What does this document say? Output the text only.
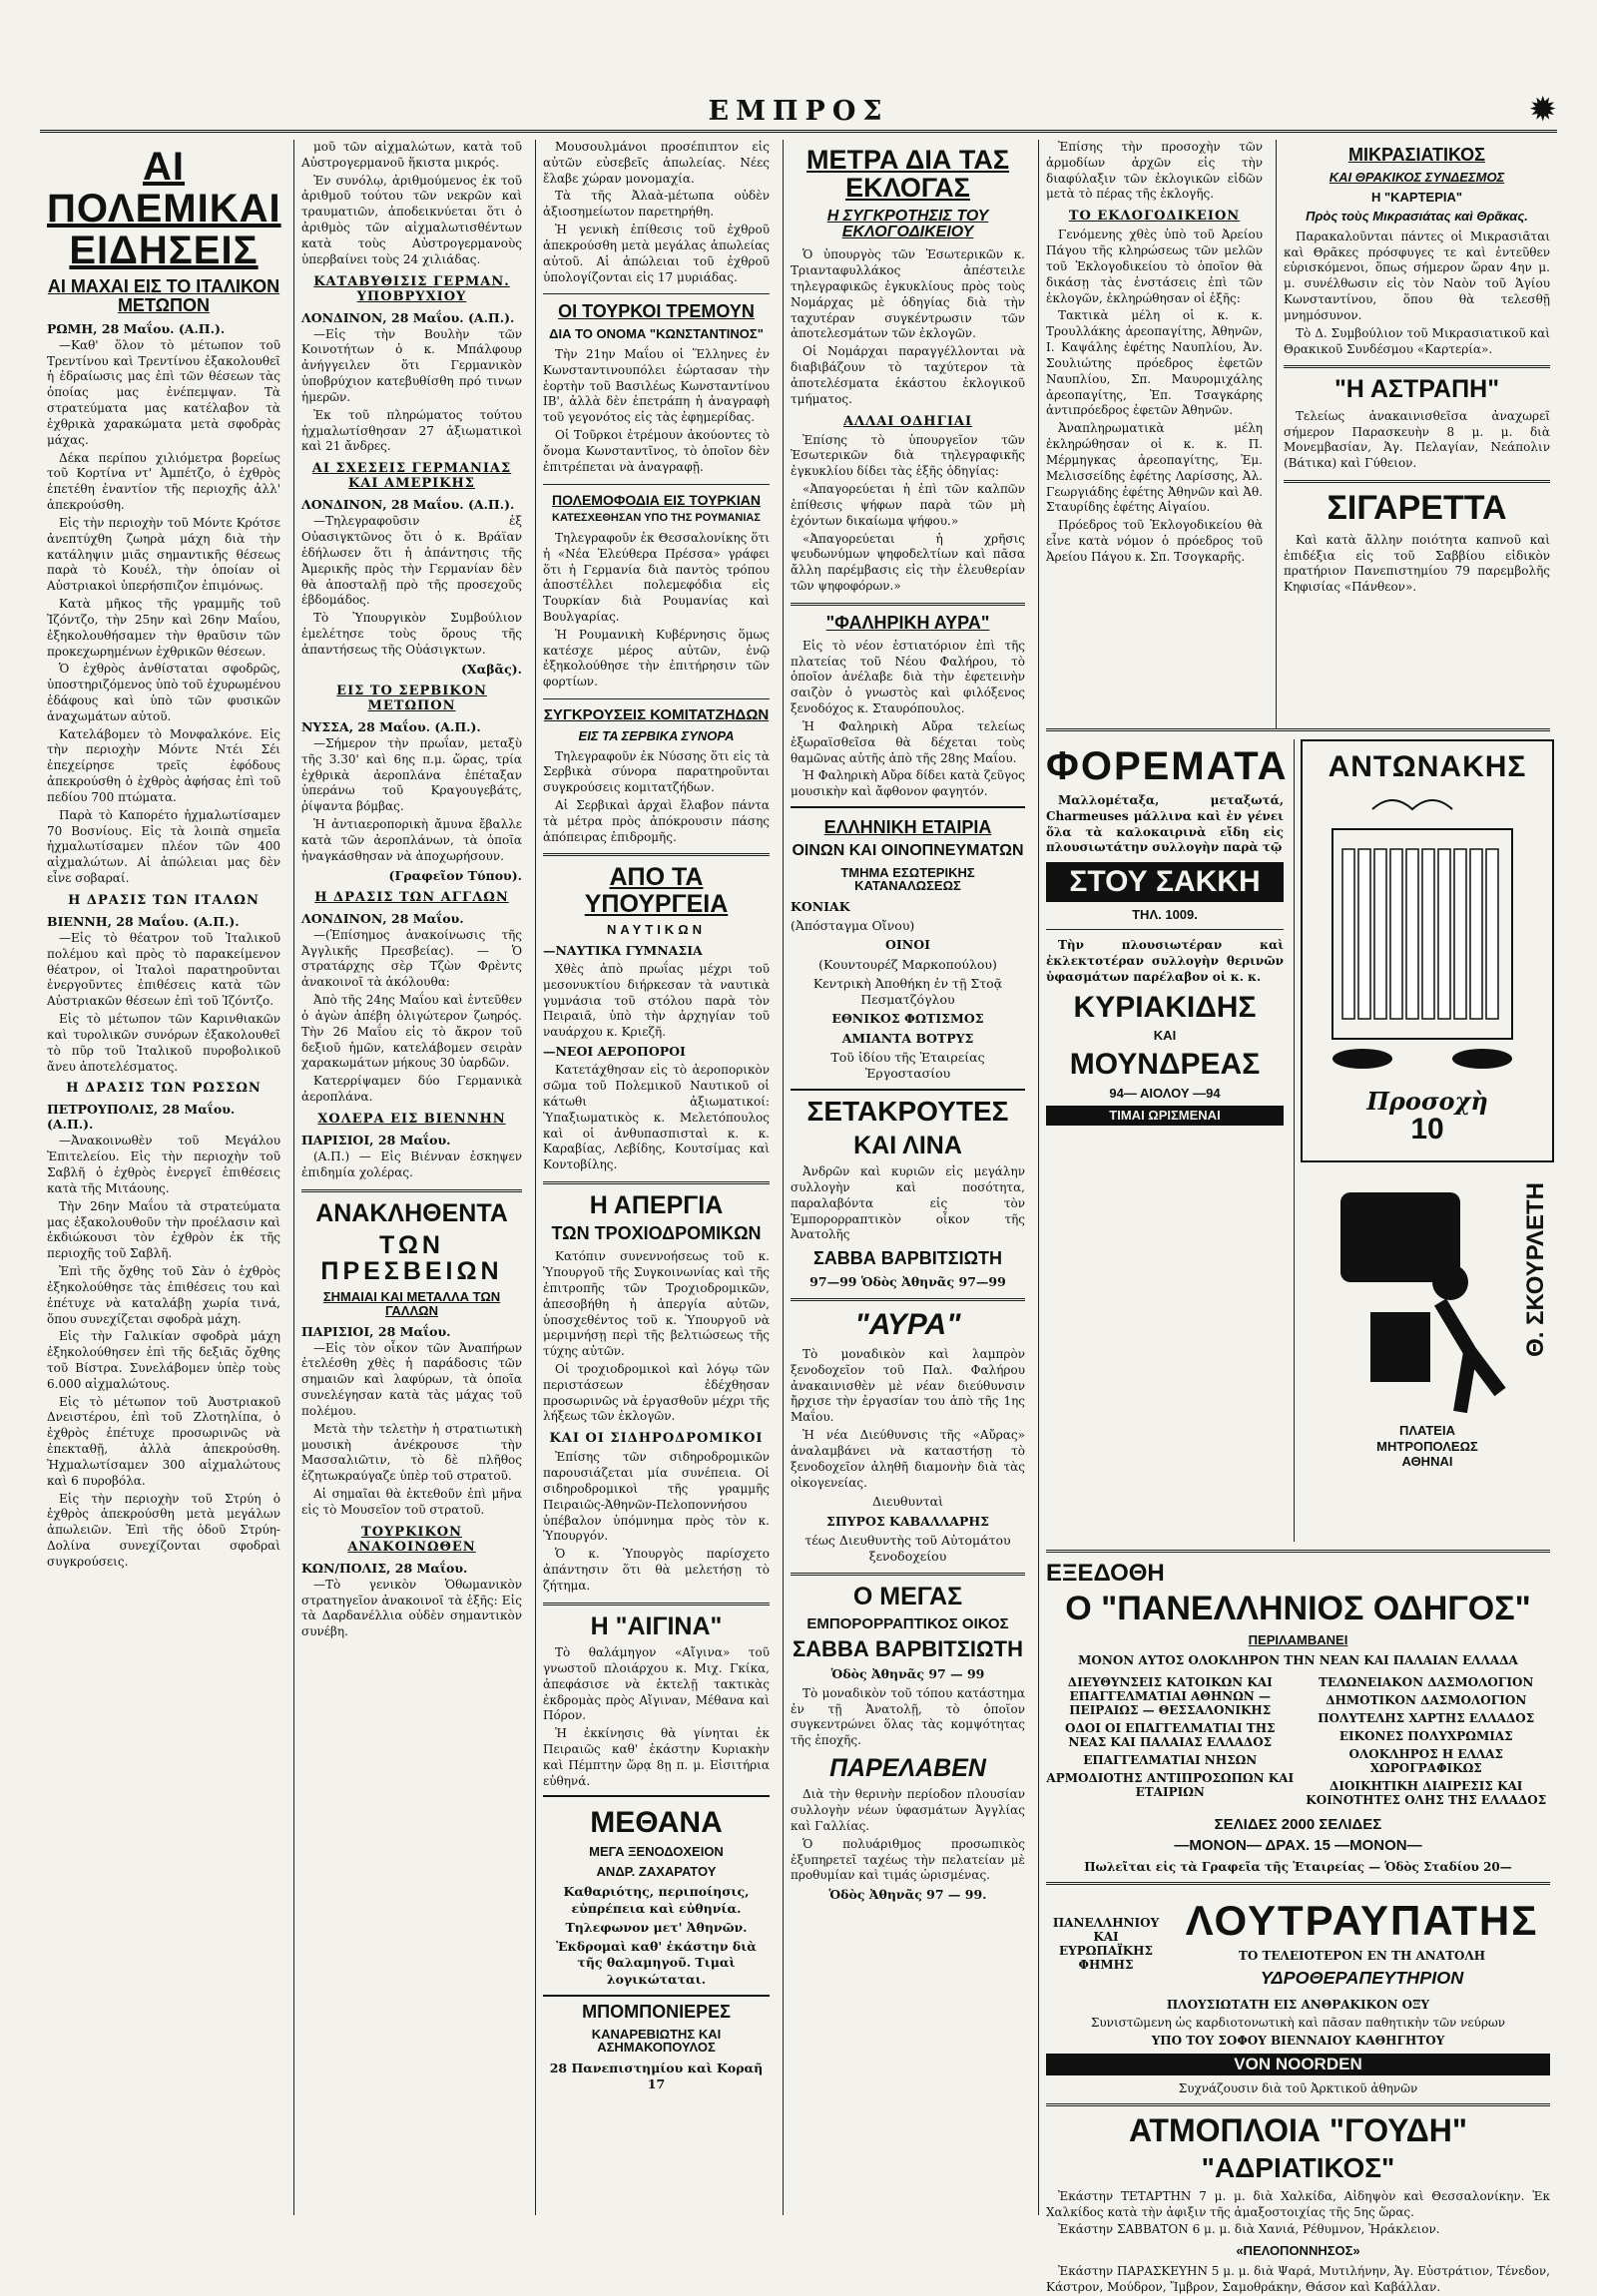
ΕΜΠΡΟΣ	✹
ΑΙ ΠΟΛΕΜΙΚΑΙ ΕΙΔΗΣΕΙΣ
ΑΙ ΜΑΧΑΙ ΕΙΣ ΤΟ ΙΤΑΛΙΚΟΝ ΜΕΤΩΠΟΝ
ΡΩΜΗ, 28 Μαΐου. (Α.Π.).

—Καθ' ὅλον τὸ μέτωπον τοῦ Τρεντίνου καὶ Τρεντίνου ἐξακολουθεῖ ἡ ἐδραίωσις μας ἐπὶ τῶν θέσεων τὰς ὁποίας μας ἐνέπεμψαν. Τὰ στρατεύματα μας κατέλαβον τὰ ἐχθρικὰ χαρακώματα μετὰ σφοδρὰς μάχας.

Δέκα περίπου χιλιόμετρα βορείως τοῦ Κορτίνα ντ' Ἀμπέτζο, ὁ ἐχθρὸς ἐπετέθη ἐναντίον τῆς περιοχῆς ἀλλ' ἀπεκρούσθη.

Εἰς τὴν περιοχὴν τοῦ Μόντε Κρότσε ἀνεπτύχθη ζωηρὰ μάχη διὰ τὴν κατάληψιν μιᾶς σημαντικῆς θέσεως παρὰ τὸ Κουέλ, τὴν ὁποίαν οἱ Αὐστριακοὶ ὑπερήσπιζον ἐπιμόνως.

Κατὰ μῆκος τῆς γραμμῆς τοῦ Ἰζόντζο, τὴν 25ην καὶ 26ην Μαΐου, ἐξηκολουθήσαμεν τὴν θραῦσιν τῶν προκεχωρημένων ἐχθρικῶν θέσεων.

Ὁ ἐχθρὸς ἀνθίσταται σφοδρῶς, ὑποστηριζόμενος ὑπὸ τοῦ ἐχυρωμένου ἐδάφους καὶ ὑπὸ τῶν φυσικῶν ἀναχωμάτων αὐτοῦ.

Κατελάβομεν τὸ Μονφαλκόνε. Εἰς τὴν περιοχὴν Μόντε Ντέι Σέι ἐπεχείρησε τρεῖς ἐφόδους ἀπεκρούσθη ὁ ἐχθρὸς ἀφήσας ἐπὶ τοῦ πεδίου 700 πτώματα.

Παρὰ τὸ Καπορέτο ἠχμαλωτίσαμεν 70 Βοσνίους. Εἰς τὰ λοιπὰ σημεῖα ἠχμαλωτίσαμεν πλέον τῶν 400 αἰχμαλώτων. Αἱ ἀπώλειαι μας δὲν εἶνε σοβαραί.

Η ΔΡΑΣΙΣ ΤΩΝ ΙΤΑΛΩΝ
ΒΙΕΝΝΗ, 28 Μαΐου. (Α.Π.).

—Εἰς τὸ θέατρον τοῦ Ἰταλικοῦ πολέμου καὶ πρὸς τὸ παρακείμενον θέατρον, οἱ Ἰταλοὶ παρατηροῦνται ἐνεργοῦντες ἐπιθέσεις κατὰ τῶν Αὐστριακῶν θέσεων ἐπὶ τοῦ Ἰζόντζο.

Εἰς τὸ μέτωπον τῶν Καρινθιακῶν καὶ τυρολικῶν συνόρων ἐξακολουθεῖ τὸ πῦρ τοῦ Ἰταλικοῦ πυροβολικοῦ ἄνευ ἀποτελέσματος.

Η ΔΡΑΣΙΣ ΤΩΝ ΡΩΣΣΩΝ
ΠΕΤΡΟΥΠΟΛΙΣ, 28 Μαΐου. (Α.Π.).

—Ἀνακοινωθὲν τοῦ Μεγάλου Ἐπιτελείου. Εἰς τὴν περιοχὴν τοῦ Σαβλῆ ὁ ἐχθρὸς ἐνεργεῖ ἐπιθέσεις κατὰ τῆς Μιτάουης.

Τὴν 26ην Μαΐου τὰ στρατεύματα μας ἐξακολουθοῦν τὴν προέλασιν καὶ ἐκδιώκουσι τὸν ἐχθρὸν ἐκ τῆς περιοχῆς τοῦ Σαβλῆ.

Ἐπὶ τῆς ὄχθης τοῦ Σὰν ὁ ἐχθρὸς ἐξηκολούθησε τὰς ἐπιθέσεις του καὶ ἐπέτυχε νὰ καταλάβῃ χωρία τινά, ὅπου συνεχίζεται σφοδρὰ μάχη.

Εἰς τὴν Γαλικίαν σφοδρὰ μάχη ἐξηκολούθησεν ἐπὶ τῆς δεξιᾶς ὄχθης τοῦ Βίστρα. Συνελάβομεν ὑπὲρ τοὺς 6.000 αἰχμαλώτους.

Εἰς τὸ μέτωπον τοῦ Ἀυστριακοῦ Δνειστέρου, ἐπὶ τοῦ Ζλοτηλίπα, ὁ ἐχθρὸς ἐπέτυχε προσωρινῶς νὰ ἐπεκταθῇ, ἀλλὰ ἀπεκρούσθη. Ἠχμαλωτίσαμεν 300 αἰχμαλώτους καὶ 6 πυροβόλα.

Εἰς τὴν περιοχὴν τοῦ Στρύη ὁ ἐχθρὸς ἀπεκρούσθη μετὰ μεγάλων ἀπωλειῶν. Ἐπὶ τῆς ὁδοῦ Στρύη-Δολίνα συνεχίζονται σφοδραὶ συγκρούσεις.

μοῦ τῶν αἰχμαλώτων, κατὰ τοῦ Αὐστρογερμανοῦ ἥκιστα μικρός.

Ἐν συνόλῳ, ἀριθμούμενος ἐκ τοῦ ἀριθμοῦ τούτου τῶν νεκρῶν καὶ τραυματιῶν, ἀποδεικνύεται ὅτι ὁ ἀριθμὸς τῶν αἰχμαλωτισθέντων κατὰ τοὺς Αὐστρογερμανοὺς ὑπερβαίνει τοὺς 24 χιλιάδας.

ΚΑΤΑΒΥΘΙΣΙΣ ΓΕΡΜΑΝ. ΥΠΟΒΡΥΧΙΟΥ
ΛΟΝΔΙΝΟΝ, 28 Μαΐου. (Α.Π.).

—Εἰς τὴν Βουλὴν τῶν Κοινοτήτων ὁ κ. Μπάλφουρ ἀνήγγειλεν ὅτι Γερμανικὸν ὑποβρύχιον κατεβυθίσθη πρό τινων ἡμερῶν.

Ἐκ τοῦ πληρώματος τούτου ἠχμαλωτίσθησαν 27 ἀξιωματικοὶ καὶ 21 ἄνδρες.

ΑΙ ΣΧΕΣΕΙΣ ΓΕΡΜΑΝΙΑΣ ΚΑΙ ΑΜΕΡΙΚΗΣ
ΛΟΝΔΙΝΟΝ, 28 Μαΐου. (Α.Π.).

—Τηλεγραφοῦσιν ἐξ Οὐασιγκτῶνος ὅτι ὁ κ. Βράϊαν ἐδήλωσεν ὅτι ἡ ἀπάντησις τῆς Ἀμερικῆς πρὸς τὴν Γερμανίαν δὲν θὰ ἀποσταλῇ πρὸ τῆς προσεχοῦς ἑβδομάδος.

Τὸ Ὑπουργικὸν Συμβούλιον ἐμελέτησε τοὺς ὅρους τῆς ἀπαντήσεως τῆς Οὐάσιγκτων.

(Χαβᾶς).
ΕΙΣ ΤΟ ΣΕΡΒΙΚΟΝ ΜΕΤΩΠΟΝ
ΝΥΣΣΑ, 28 Μαΐου. (Α.Π.).

—Σήμερον τὴν πρωΐαν, μεταξὺ τῆς 3.30' καὶ 6ης π.μ. ὥρας, τρία ἐχθρικὰ ἀεροπλάνα ἐπέταξαν ὑπεράνω τοῦ Κραγουγεβάτς, ῥίψαντα βόμβας.

Ἡ ἀντιαεροπορικὴ ἄμυνα ἔβαλλε κατὰ τῶν ἀεροπλάνων, τὰ ὁποῖα ἠναγκάσθησαν νὰ ἀποχωρήσουν.

(Γραφεῖον Τύπου).
Η ΔΡΑΣΙΣ ΤΩΝ ΑΓΓΛΩΝ
ΛΟΝΔΙΝΟΝ, 28 Μαΐου.

—(Ἐπίσημος ἀνακοίνωσις τῆς Ἀγγλικῆς Πρεσβείας). — Ὁ στρατάρχης σὲρ Τζὼν Φρὲντς ἀνακοινοῖ τὰ ἀκόλουθα:

Ἀπὸ τῆς 24ης Μαΐου καὶ ἐντεῦθεν ὁ ἀγὼν ἀπέβη ὀλιγώτερον ζωηρός. Τὴν 26 Μαΐου εἰς τὸ ἄκρον τοῦ δεξιοῦ ἡμῶν, κατελάβομεν σειρὰν χαρακωμάτων μήκους 30 ὑαρδῶν.

Κατερρίψαμεν δύο Γερμανικὰ ἀεροπλάνα.

ΧΟΛΕΡΑ ΕΙΣ ΒΙΕΝΝΗΝ
ΠΑΡΙΣΙΟΙ, 28 Μαΐου.

(Α.Π.) — Εἰς Βιένναν ἐσκηψεν ἐπιδημία χολέρας.

ΑΝΑΚΛΗΘΕΝΤΑ
ΤΩΝ ΠΡΕΣΒΕΙΩΝ
ΣΗΜΑΙΑΙ ΚΑΙ ΜΕΤΑΛΛΑ ΤΩΝ ΓΑΛΛΩΝ
ΠΑΡΙΣΙΟΙ, 28 Μαΐου.

—Εἰς τὸν οἶκον τῶν Ἀναπήρων ἐτελέσθη χθὲς ἡ παράδοσις τῶν σημαιῶν καὶ λαφύρων, τὰ ὁποῖα συνελέγησαν κατὰ τὰς μάχας τοῦ πολέμου.

Μετὰ τὴν τελετὴν ἡ στρατιωτικὴ μουσικὴ ἀνέκρουσε τὴν Μασσαλιῶτιν, τὸ δὲ πλῆθος ἐζητωκραύγαζε ὑπὲρ τοῦ στρατοῦ.

Αἱ σημαῖαι θὰ ἐκτεθοῦν ἐπὶ μῆνα εἰς τὸ Μουσεῖον τοῦ στρατοῦ.

ΤΟΥΡΚΙΚΟΝ ΑΝΑΚΟΙΝΩΘΕΝ
ΚΩΝ/ΠΟΛΙΣ, 28 Μαΐου.

—Τὸ γενικὸν Ὁθωμανικὸν στρατηγεῖον ἀνακοινοῖ τὰ ἑξῆς: Εἰς τὰ Δαρδανέλλια οὐδὲν σημαντικὸν συνέβη.

Μουσουλμάνοι προσέπιπτον εἰς αὐτῶν εὐσεβεῖς ἀπωλείας. Νέες ἔλαβε χώραν μονομαχία.

Τὰ τῆς Ἀλαὰ-μέτωπα οὐδὲν ἀξιοσημείωτον παρετηρήθη.

Ἡ γενικὴ ἐπίθεσις τοῦ ἐχθροῦ ἀπεκρούσθη μετὰ μεγάλας ἀπωλείας αὐτοῦ. Αἱ ἀπώλειαι τοῦ ἐχθροῦ ὑπολογίζονται εἰς 17 μυριάδας.

ΟΙ ΤΟΥΡΚΟΙ ΤΡΕΜΟΥΝ
ΔΙΑ ΤΟ ΟΝΟΜΑ "ΚΩΝΣΤΑΝΤΙΝΟΣ"

Τὴν 21ην Μαΐου οἱ Ἕλληνες ἐν Κωνσταντινουπόλει ἐώρτασαν τὴν ἑορτὴν τοῦ Βασιλέως Κωνσταντίνου ΙΒ', ἀλλὰ δὲν ἐπετράπη ἡ ἀναγραφὴ τοῦ γεγονότος εἰς τὰς ἐφημερίδας.

Οἱ Τοῦρκοι ἐτρέμουν ἀκούοντες τὸ ὄνομα Κωνσταντῖνος, τὸ ὁποῖον δὲν ἐπιτρέπεται νὰ ἀναγραφῇ.

ΠΟΛΕΜΟΦΟΔΙΑ ΕΙΣ ΤΟΥΡΚΙΑΝ
ΚΑΤΕΣΧΕΘΗΣΑΝ ΥΠΟ ΤΗΣ ΡΟΥΜΑΝΙΑΣ

Τηλεγραφοῦν ἐκ Θεσσαλονίκης ὅτι ἡ «Νέα Ἐλεύθερα Πρέσσα» γράφει ὅτι ἡ Γερμανία διὰ παντὸς τρόπου ἀποστέλλει πολεμεφόδια εἰς Τουρκίαν διὰ Ρουμανίας καὶ Βουλγαρίας.

Ἡ Ρουμανικὴ Κυβέρνησις ὅμως κατέσχε μέρος αὐτῶν, ἐνῷ ἐξηκολούθησε τὴν ἐπιτήρησιν τῶν φορτίων.

ΣΥΓΚΡΟΥΣΕΙΣ ΚΟΜΙΤΑΤΖΗΔΩΝ
ΕΙΣ ΤΑ ΣΕΡΒΙΚΑ ΣΥΝΟΡΑ

Τηλεγραφοῦν ἐκ Νύσσης ὅτι εἰς τὰ Σερβικὰ σύνορα παρατηροῦνται συγκρούσεις κομιτατζήδων.

Αἱ Σερβικαὶ ἀρχαὶ ἔλαβον πάντα τὰ μέτρα πρὸς ἀπόκρουσιν πάσης ἀπόπειρας ἐπιδρομῆς.

ΑΠΟ ΤΑ ΥΠΟΥΡΓΕΙΑ
ΝΑΥΤΙΚΩΝ
—ΝΑΥΤΙΚΑ ΓΥΜΝΑΣΙΑ

Χθὲς ἀπὸ πρωΐας μέχρι τοῦ μεσονυκτίου διήρκεσαν τὰ ναυτικὰ γυμνάσια τοῦ στόλου παρὰ τὸν Πειραιᾶ, ὑπὸ τὴν ἀρχηγίαν τοῦ ναυάρχου κ. Κριεζῆ.

—ΝΕΟΙ ΑΕΡΟΠΟΡΟΙ

Κατετάχθησαν εἰς τὸ ἀεροπορικὸν σῶμα τοῦ Πολεμικοῦ Ναυτικοῦ οἱ κάτωθι ἀξιωματικοί: Ὑπαξιωματικὸς κ. Μελετόπουλος καὶ οἱ ἀνθυπασπισταὶ κ. κ. Καραβίας, Λεβίδης, Κουτσίμας καὶ Κοντοβίλης.

Η ΑΠΕΡΓΙΑ
ΤΩΝ ΤΡΟΧΙΟΔΡΟΜΙΚΩΝ

Κατόπιν συνεννοήσεως τοῦ κ. Ὑπουργοῦ τῆς Συγκοινωνίας καὶ τῆς ἐπιτροπῆς τῶν Τροχιοδρομικῶν, ἀπεσοβήθη ἡ ἀπεργία αὐτῶν, ὑποσχεθέντος τοῦ κ. Ὑπουργοῦ νὰ μεριμνήσῃ περὶ τῆς βελτιώσεως τῆς τύχης αὐτῶν.

Οἱ τροχιοδρομικοὶ καὶ λόγῳ τῶν περιστάσεων ἐδέχθησαν προσωρινῶς νὰ ἐργασθοῦν μέχρι τῆς λήξεως τῶν ἐκλογῶν.

ΚΑΙ ΟΙ ΣΙΔΗΡΟΔΡΟΜΙΚΟΙ

Ἐπίσης τῶν σιδηροδρομικῶν παρουσιάζεται μία συνέπεια. Οἱ σιδηροδρομικοὶ τῆς γραμμῆς Πειραιῶς-Ἀθηνῶν-Πελοποννήσου ὑπέβαλον ὑπόμνημα πρὸς τὸν κ. Ὑπουργόν.

Ὁ κ. Ὑπουργὸς παρίσχετο ἀπάντησιν ὅτι θὰ μελετήσῃ τὸ ζήτημα.

Η "ΑΙΓΙΝΑ"

Τὸ θαλάμηγον «Αἴγινα» τοῦ γνωστοῦ πλοιάρχου κ. Μιχ. Γκίκα, ἀπεφάσισε νὰ ἐκτελῇ τακτικὰς ἐκδρομὰς πρὸς Αἴγιναν, Μέθανα καὶ Πόρον.

Ἡ ἐκκίνησις θὰ γίνηται ἐκ Πειραιῶς καθ' ἑκάστην Κυριακὴν καὶ Πέμπτην ὥρᾳ 8ῃ π. μ. Εἰσιτήρια εὐθηνά.

ΜΕΘΑΝΑ
ΜΕΓΑ ΞΕΝΟΔΟΧΕΙΟΝ
ΑΝΔΡ. ΖΑΧΑΡΑΤΟΥ
Καθαριότης, περιποίησις, εὐπρέπεια καὶ εὐθηνία.
Τηλεφωνον μετ' Ἀθηνῶν.
Ἐκδρομαὶ καθ' ἑκάστην διὰ τῆς θαλαμηγοῦ. Τιμαὶ λογικώταται.
ΜΠΟΜΠΟΝΙΕΡΕΣ
ΚΑΝΑΡΕΒΙΩΤΗΣ ΚΑΙ ΑΣΗΜΑΚΟΠΟΥΛΟΣ
28 Πανεπιστημίου καὶ Κοραῆ 17
ΜΕΤΡΑ ΔΙΑ ΤΑΣ ΕΚΛΟΓΑΣ
Η ΣΥΓΚΡΟΤΗΣΙΣ ΤΟΥ ΕΚΛΟΓΟΔΙΚΕΙΟΥ

Ὁ ὑπουργὸς τῶν Ἐσωτερικῶν κ. Τριανταφυλλάκος ἀπέστειλε τηλεγραφικῶς ἐγκυκλίους πρὸς τοὺς Νομάρχας μὲ ὁδηγίας διὰ τὴν ταχυτέραν συγκέντρωσιν τῶν ἀποτελεσμάτων τῶν ἐκλογῶν.

Οἱ Νομάρχαι παραγγέλλονται νὰ διαβιβάζουν τὸ ταχύτερον τὰ ἀποτελέσματα ἑκάστου ἐκλογικοῦ τμήματος.

ΑΛΛΑΙ ΟΔΗΓΙΑΙ

Ἐπίσης τὸ ὑπουργεῖον τῶν Ἐσωτερικῶν διὰ τηλεγραφικῆς ἐγκυκλίου δίδει τὰς ἑξῆς ὁδηγίας:

«Ἀπαγορεύεται ἡ ἐπὶ τῶν καλπῶν ἐπίθεσις ψήφων παρὰ τῶν μὴ ἐχόντων δικαίωμα ψήφου.»

«Ἀπαγορεύεται ἡ χρῆσις ψευδωνύμων ψηφοδελτίων καὶ πᾶσα ἄλλη παρέμβασις εἰς τὴν ἐλευθερίαν τῶν ψηφοφόρων.»

"ΦΑΛΗΡΙΚΗ ΑΥΡΑ"

Εἰς τὸ νέον ἑστιατόριον ἐπὶ τῆς πλατείας τοῦ Νέου Φαλήρου, τὸ ὁποῖον ἀνέλαβε διὰ τὴν ἐφετεινὴν σαιζὸν ὁ γνωστὸς καὶ φιλόξενος ξενοδόχος κ. Σταυρόπουλος.

Ἡ Φαληρικὴ Αὔρα τελείως ἐξωραϊσθεῖσα θὰ δέχεται τοὺς θαμῶνας αὐτῆς ἀπὸ τῆς 28ης Μαΐου.

Ἡ Φαληρικὴ Αὔρα δίδει κατὰ ζεῦγος μουσικὴν καὶ ἄφθονον φαγητόν.

ΕΛΛΗΝΙΚΗ ΕΤΑΙΡΙΑ
ΟΙΝΩΝ ΚΑΙ ΟΙΝΟΠΝΕΥΜΑΤΩΝ
ΤΜΗΜΑ ΕΣΩΤΕΡΙΚΗΣ ΚΑΤΑΝΑΛΩΣΕΩΣ
ΚΟΝΙΑΚ
(Ἀπόσταγμα Οἴνου)
ΟΙΝΟΙ
(Κουντουρέζ Μαρκοπούλου)
Κεντρικὴ Ἀποθήκη ἐν τῇ Στοᾷ Πεσματζόγλου
ΕΘΝΙΚΟΣ ΦΩΤΙΣΜΟΣ
ΑΜΙΑΝΤΑ ΒΟΤΡΥΣ
Τοῦ ἰδίου τῆς Ἑταιρείας Ἐργοστασίου
ΣΕΤΑΚΡΟΥΤΕΣ
ΚΑΙ ΛΙΝΑ

Ἀνδρῶν καὶ κυριῶν εἰς μεγάλην συλλογὴν καὶ ποσότητα, παραλαβόντα εἰς τὸν Ἐμπορορραπτικὸν οἶκον τῆς Ἀνατολῆς

ΣΑΒΒΑ ΒΑΡΒΙΤΣΙΩΤΗ
97—99 Ὁδὸς Ἀθηνᾶς 97—99
"ΑΥΡΑ"

Τὸ μοναδικὸν καὶ λαμπρὸν ξενοδοχεῖον τοῦ Παλ. Φαλήρου ἀνακαινισθὲν μὲ νέαν διεύθυνσιν ἤρχισε τὴν ἐργασίαν του ἀπὸ τῆς 1ης Μαΐου.

Ἡ νέα Διεύθυνσις τῆς «Αὔρας» ἀναλαμβάνει νὰ καταστήσῃ τὸ ξενοδοχεῖον ἀληθῆ διαμονὴν διὰ τὰς οἰκογενείας.

Διευθυνταὶ
ΣΠΥΡΟΣ ΚΑΒΑΛΛΑΡΗΣ
τέως Διευθυντὴς τοῦ Αὐτομάτου ξενοδοχείου
Ο ΜΕΓΑΣ
ΕΜΠΟΡΟΡΡΑΠΤΙΚΟΣ ΟΙΚΟΣ
ΣΑΒΒΑ ΒΑΡΒΙΤΣΙΩΤΗ
Ὁδὸς Ἀθηνᾶς 97 — 99

Τὸ μοναδικὸν τοῦ τόπου κατάστημα ἐν τῇ Ἀνατολῇ, τὸ ὁποῖον συγκεντρώνει ὅλας τὰς κομψότητας τῆς ἐποχῆς.

ΠΑΡΕΛΑΒΕΝ

Διὰ τὴν θερινὴν περίοδον πλουσίαν συλλογὴν νέων ὑφασμάτων Ἀγγλίας καὶ Γαλλίας.

Ὁ πολυάριθμος προσωπικὸς ἐξυπηρετεῖ ταχέως τὴν πελατείαν μὲ προθυμίαν καὶ τιμάς ὡρισμένας.

Ὁδὸς Ἀθηνᾶς 97 — 99.

Ἐπίσης τὴν προσοχὴν τῶν ἀρμοδίων ἀρχῶν εἰς τὴν διαφύλαξιν τῶν ἐκλογικῶν εἰδῶν μετὰ τὸ πέρας τῆς ἐκλογῆς.

ΤΟ ΕΚΛΟΓΟΔΙΚΕΙΟΝ

Γενόμενης χθὲς ὑπὸ τοῦ Ἀρείου Πάγου τῆς κληρώσεως τῶν μελῶν τοῦ Ἐκλογοδικείου τὸ ὁποῖον θὰ δικάσῃ τὰς ἐνστάσεις ἐπὶ τῶν ἐκλογῶν, ἐκληρώθησαν οἱ ἑξῆς:

Τακτικὰ μέλη οἱ κ. κ. Τρουλλάκης ἀρεοπαγίτης, Ἀθηνῶν, Ι. Καψάλης ἐφέτης Ναυπλίου, Ἀν. Σουλιώτης πρόεδρος ἐφετῶν Ναυπλίου, Σπ. Μαυρομιχάλης ἀρεοπαγίτης, Ἐπ. Τσαγκάρης ἀντιπρόεδρος ἐφετῶν Ἀθηνῶν.

Ἀναπληρωματικὰ μέλη ἐκληρώθησαν οἱ κ. κ. Π. Μέρμηγκας ἀρεοπαγίτης, Ἐμ. Μελισσείδης ἐφέτης Λαρίσσης, Ἀλ. Γεωργιάδης ἐφέτης Ἀθηνῶν καὶ Ἀθ. Σταυρίδης ἐφέτης Αἰγαίου.

Πρόεδρος τοῦ Ἐκλογοδικείου θὰ εἶνε κατὰ νόμον ὁ πρόεδρος τοῦ Ἀρείου Πάγου κ. Σπ. Τσογκαρῆς.

ΦΟΡΕΜΑΤΑ

Μαλλομέταξα, μεταξωτά, Charmeuses μάλλινα καὶ ἐν γένει ὅλα τὰ καλοκαιρινὰ εἴδη εἰς πλουσιωτάτην συλλογὴν παρὰ τῷ

ΣΤΟΥ ΣΑΚΚΗ
ΤΗΛ. 1009.

Τὴν πλουσιωτέραν καὶ ἐκλεκτοτέραν συλλογὴν θερινῶν ὑφασμάτων παρέλαβον οἱ κ. κ.

ΚΥΡΙΑΚΙΔΗΣ
ΚΑΙ
ΜΟΥΝΔΡΕΑΣ
94— ΑΙΟΛΟΥ —94
ΤΙΜΑΙ ΩΡΙΣΜΕΝΑΙ
ΑΝΤΩΝΑΚΗΣ
Προσοχὴ
10
Θ. ΣΚΟΥΡΛΕΤΗ
ΠΛΑΤΕΙΑ
ΜΗΤΡΟΠΟΛΕΩΣ
ΑΘΗΝΑΙ
ΕΞΕΔΟΘΗ
Ο "ΠΑΝΕΛΛΗΝΙΟΣ ΟΔΗΓΟΣ"
ΠΕΡΙΛΑΜΒΑΝΕΙ
ΜΟΝΟΝ ΑΥΤΟΣ ΟΛΟΚΛΗΡΟΝ ΤΗΝ ΝΕΑΝ ΚΑΙ ΠΑΛΑΙΑΝ ΕΛΛΑΔΑ
ΔΙΕΥΘΥΝΣΕΙΣ ΚΑΤΟΙΚΩΝ ΚΑΙ ΕΠΑΓΓΕΛΜΑΤΙΑΙ ΑΘΗΝΩΝ — ΠΕΙΡΑΙΩΣ — ΘΕΣΣΑΛΟΝΙΚΗΣ
ΟΔΟΙ ΟΙ ΕΠΑΓΓΕΛΜΑΤΙΑΙ ΤΗΣ ΝΕΑΣ ΚΑΙ ΠΑΛΑΙΑΣ ΕΛΛΑΔΟΣ
ΕΠΑΓΓΕΛΜΑΤΙΑΙ ΝΗΣΩΝ
ΑΡΜΟΔΙΟΤΗΣ ΑΝΤΙΠΡΟΣΩΠΩΝ ΚΑΙ ΕΤΑΙΡΙΩΝ
ΤΕΛΩΝΕΙΑΚΟΝ ΔΑΣΜΟΛΟΓΙΟΝ
ΔΗΜΟΤΙΚΟΝ ΔΑΣΜΟΛΟΓΙΟΝ
ΠΟΛΥΤΕΛΗΣ ΧΑΡΤΗΣ ΕΛΛΑΔΟΣ
ΕΙΚΟΝΕΣ ΠΟΛΥΧΡΩΜΙΑΣ
ΟΛΟΚΛΗΡΟΣ Η ΕΛΛΑΣ ΧΩΡΟΓΡΑΦΙΚΩΣ
ΔΙΟΙΚΗΤΙΚΗ ΔΙΑΙΡΕΣΙΣ ΚΑΙ ΚΟΙΝΟΤΗΤΕΣ ΟΛΗΣ ΤΗΣ ΕΛΛΑΔΟΣ
ΣΕΛΙΔΕΣ 2000 ΣΕΛΙΔΕΣ
—ΜΟΝΟΝ— ΔΡΑΧ. 15 —ΜΟΝΟΝ—
Πωλεῖται εἰς τὰ Γραφεῖα τῆς Ἑταιρείας — Ὁδὸς Σταδίου 20—
ΠΑΝΕΛΛΗΝΙΟΥ ΚΑΙ ΕΥΡΩΠΑΪΚΗΣ ΦΗΜΗΣ
ΛΟΥΤΡΑΥΠΑΤΗΣ
ΤΟ ΤΕΛΕΙΟΤΕΡΟΝ ΕΝ ΤΗ ΑΝΑΤΟΛΗ
ΥΔΡΟΘΕΡΑΠΕΥΤΗΡΙΟΝ
ΠΛΟΥΣΙΩΤΑΤΗ ΕΙΣ ΑΝΘΡΑΚΙΚΟΝ ΟΞΥ
Συνιστῶμενη ὡς καρδιοτονωτικὴ καὶ πᾶσαν παθητικὴν τῶν νεύρων
ΥΠΟ ΤΟΥ ΣΟΦΟΥ ΒΙΕΝΝΑΙΟΥ ΚΑΘΗΓΗΤΟΥ
VON NOORDEN
Συχνάζουσιν διὰ τοῦ Ἀρκτικοῦ ἀθηνῶν
ΑΤΜΟΠΛΟΙΑ "ΓΟΥΔΗ"
"ΑΔΡΙΑΤΙΚΟΣ"

Ἐκάστην ΤΕΤΑΡΤΗΝ 7 μ. μ. διὰ Χαλκίδα, Αἰδηψὸν καὶ Θεσσαλονίκην. Ἐκ Χαλκίδος κατὰ τὴν ἀφιξιν τῆς ἀμαξοστοιχίας τῆς 5ης ὥρας.

Ἐκάστην ΣΑΒΒΑΤΟΝ 6 μ. μ. διὰ Χανιά, Ρέθυμνον, Ἡράκλειον.

«ΠΕΛΟΠΟΝΝΗΣΟΣ»

Ἐκάστην ΠΑΡΑΣΚΕΥΗΝ 5 μ. μ. διὰ Ψαρά, Μυτιλήνην, Ἁγ. Εὐστράτιον, Τένεδον, Κάστρον, Μούδρον, Ἴμβρον, Σαμοθράκην, Θάσον καὶ Καβάλλαν.

ΜΙΚΡΑΣΙΑΤΙΚΟΣ
ΚΑΙ ΘΡΑΚΙΚΟΣ ΣΥΝΔΕΣΜΟΣ
Η "ΚΑΡΤΕΡΙΑ"
Πρὸς τοὺς Μικρασιάτας καὶ Θρᾶκας.

Παρακαλοῦνται πάντες οἱ Μικρασιᾶται καὶ Θρᾶκες πρόσφυγες τε καὶ ἐντεῦθεν εὑρισκόμενοι, ὅπως σήμερον ὥραν 4ην μ. μ. συνέλθωσιν εἰς τὸν Ναὸν τοῦ Ἁγίου Κωνσταντίνου, ὅπου θὰ τελεσθῇ μνημόσυνον.

Τὸ Δ. Συμβούλιον τοῦ Μικρασιατικοῦ καὶ Θρακικοῦ Συνδέσμου «Καρτερία».

"Η ΑΣΤΡΑΠΗ"

Τελείως ἀνακαινισθεῖσα ἀναχωρεῖ σήμερον Παρασκευὴν 8 μ. μ. διὰ Μονεμβασίαν, Ἁγ. Πελαγίαν, Νεάπολιν (Βάτικα) καὶ Γύθειον.

ΣΙΓΑΡΕΤΤΑ

Καὶ κατὰ ἄλλην ποιότητα καπνοῦ καὶ ἐπιδέξια εἰς τοῦ Σαββίου εἰδικὸν πρατήριον Πανεπιστημίου 79 παρεμβολῆς Κηφισίας «Πάνθεον».
